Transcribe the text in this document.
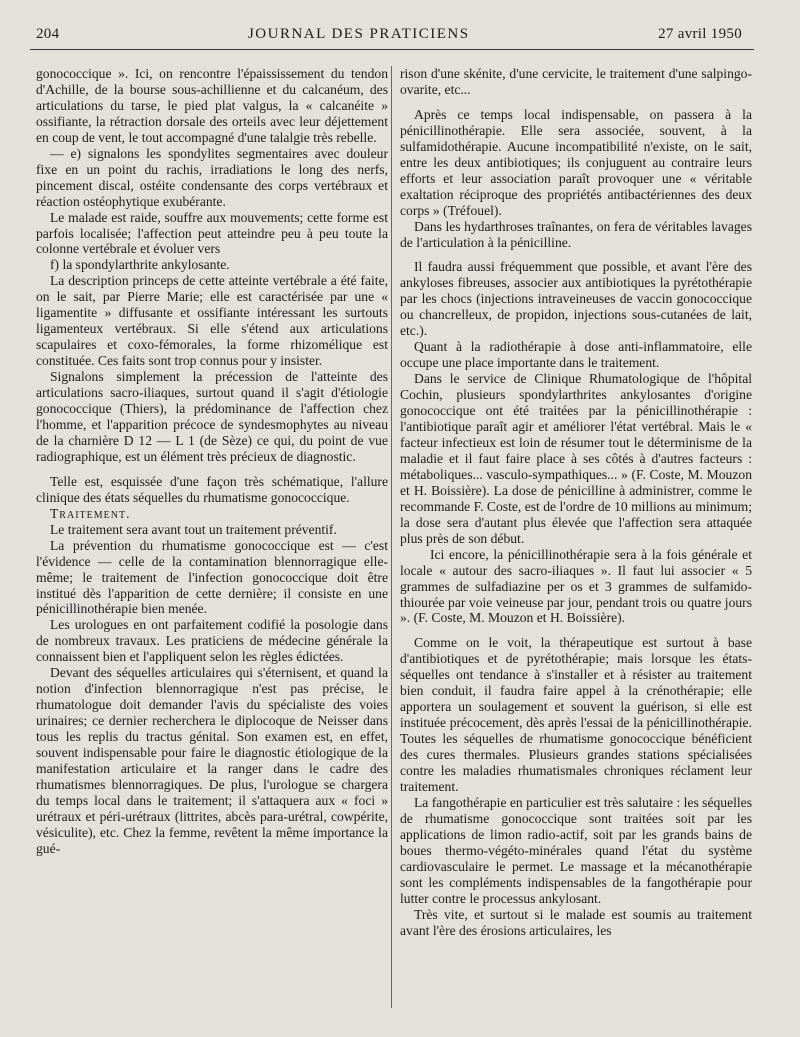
204	JOURNAL DES PRATICIENS	27 avril 1950

gonococcique ». Ici, on rencontre l'épaississement du tendon d'Achille, de la bourse sous-achillienne et du calcanéum, des articulations du tarse, le pied plat valgus, la « calcanéite » ossifiante, la rétraction dorsale des orteils avec leur déjettement en coup de vent, le tout accompagné d'une talalgie très rebelle.

— e) signalons les spondylites segmentaires avec douleur fixe en un point du rachis, irradiations le long des nerfs, pincement discal, ostéite condensante des corps vertébraux et réaction ostéophytique exubérante.

Le malade est raide, souffre aux mouvements; cette forme est parfois localisée; l'affection peut atteindre peu à peu toute la colonne vertébrale et évoluer vers

f) la spondylarthrite ankylosante.

La description princeps de cette atteinte vertébrale a été faite, on le sait, par Pierre Marie; elle est caractérisée par une « ligamentite » diffusante et ossifiante intéressant les surtouts ligamenteux vertébraux. Si elle s'étend aux articulations scapulaires et coxo-fémorales, la forme rhizomélique est constituée. Ces faits sont trop connus pour y insister.

Signalons simplement la précession de l'atteinte des articulations sacro-iliaques, surtout quand il s'agit d'étiologie gonococcique (Thiers), la prédominance de l'affection chez l'homme, et l'apparition précoce de syndesmophytes au niveau de la charnière D 12 — L 1 (de Sèze) ce qui, du point de vue radiographique, est un élément très précieux de diagnostic.

Telle est, esquissée d'une façon très schématique, l'allure clinique des états séquelles du rhumatisme gonococcique.

Traitement.

Le traitement sera avant tout un traitement préventif.

La prévention du rhumatisme gonococcique est — c'est l'évidence — celle de la contamination blennorragique elle-même; le traitement de l'infection gonococcique doit être institué dès l'apparition de cette dernière; il consiste en une pénicillinothérapie bien menée.

Les urologues en ont parfaitement codifié la posologie dans de nombreux travaux. Les praticiens de médecine générale la connaissent bien et l'appliquent selon les règles édictées.

Devant des séquelles articulaires qui s'éternisent, et quand la notion d'infection blennorragique n'est pas précise, le rhumatologue doit demander l'avis du spécialiste des voies urinaires; ce dernier recherchera le diplocoque de Neisser dans tous les replis du tractus génital. Son examen est, en effet, souvent indispensable pour faire le diagnostic étiologique de la manifestation articulaire et la ranger dans le cadre des rhumatismes blennorragiques. De plus, l'urologue se chargera du temps local dans le traitement; il s'attaquera aux « foci » urétraux et péri-urétraux (littrites, abcès para-urétral, cowpérite, vésiculite), etc. Chez la femme, revêtent la même importance la gué-

rison d'une skénite, d'une cervicite, le traitement d'une salpingo-ovarite, etc...

Après ce temps local indispensable, on passera à la pénicillinothérapie. Elle sera associée, souvent, à la sulfamidothérapie. Aucune incompatibilité n'existe, on le sait, entre les deux antibiotiques; ils conjuguent au contraire leurs efforts et leur association paraît provoquer une « véritable exaltation réciproque des propriétés antibactériennes des deux corps » (Tréfouel).

Dans les hydarthroses traînantes, on fera de véritables lavages de l'articulation à la pénicilline.

Il faudra aussi fréquemment que possible, et avant l'ère des ankyloses fibreuses, associer aux antibiotiques la pyrétothérapie par les chocs (injections intraveineuses de vaccin gonococcique ou chancrelleux, de propidon, injections sous-cutanées de lait, etc.).

Quant à la radiothérapie à dose anti-inflammatoire, elle occupe une place importante dans le traitement.

Dans le service de Clinique Rhumatologique de l'hôpital Cochin, plusieurs spondylarthrites ankylosantes d'origine gonococcique ont été traitées par la pénicillinothérapie : l'antibiotique paraît agir et améliorer l'état vertébral. Mais le « facteur infectieux est loin de résumer tout le déterminisme de la maladie et il faut faire place à ses côtés à d'autres facteurs : métaboliques... vasculo-sympathiques... » (F. Coste, M. Mouzon et H. Boissière). La dose de pénicilline à administrer, comme le recommande F. Coste, est de l'ordre de 10 millions au minimum; la dose sera d'autant plus élevée que l'affection sera attaquée plus près de son début.

Ici encore, la pénicillinothérapie sera à la fois générale et locale « autour des sacro-iliaques ». Il faut lui associer « 5 grammes de sulfadiazine per os et 3 grammes de sulfamido-thiourée par voie veineuse par jour, pendant trois ou quatre jours ». (F. Coste, M. Mouzon et H. Boissière).

Comme on le voit, la thérapeutique est surtout à base d'antibiotiques et de pyrétothérapie; mais lorsque les états-séquelles ont tendance à s'installer et à résister au traitement bien conduit, il faudra faire appel à la crénothérapie; elle apportera un soulagement et souvent la guérison, si elle est instituée précocement, dès après l'essai de la pénicillinothérapie. Toutes les séquelles de rhumatisme gonococcique bénéficient des cures thermales. Plusieurs grandes stations spécialisées contre les maladies rhumatismales chroniques réclament leur traitement.

La fangothérapie en particulier est très salutaire : les séquelles de rhumatisme gonococcique sont traitées soit par les applications de limon radio-actif, soit par les grands bains de boues thermo-végéto-minérales quand l'état du système cardiovasculaire le permet. Le massage et la mécanothérapie sont les compléments indispensables de la fangothérapie pour lutter contre le processus ankylosant.

Très vite, et surtout si le malade est soumis au traitement avant l'ère des érosions articulaires, les
